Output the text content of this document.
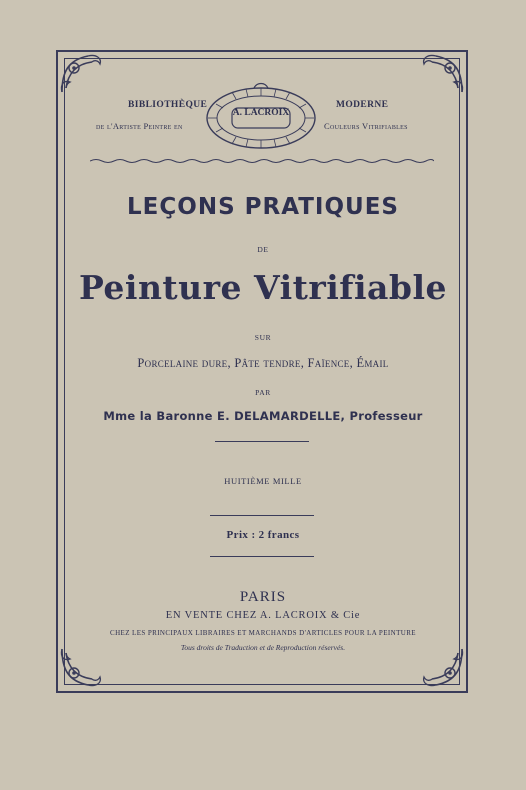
BIBLIOTHÈQUE
de l'Artiste Peintre en
A. LACROIX
MODERNE
Couleurs Vitrifiables
LEÇONS PRATIQUES
DE
Peinture Vitrifiable
SUR
Porcelaine dure, Pâte tendre, Faïence, Émail
PAR
Mme la Baronne E. DELAMARDELLE, Professeur
HUITIÈME MILLE
Prix : 2 francs
PARIS
EN VENTE CHEZ A. LACROIX & Cie
CHEZ LES PRINCIPAUX LIBRAIRES ET MARCHANDS D'ARTICLES POUR LA PEINTURE
Tous droits de Traduction et de Reproduction réservés.
